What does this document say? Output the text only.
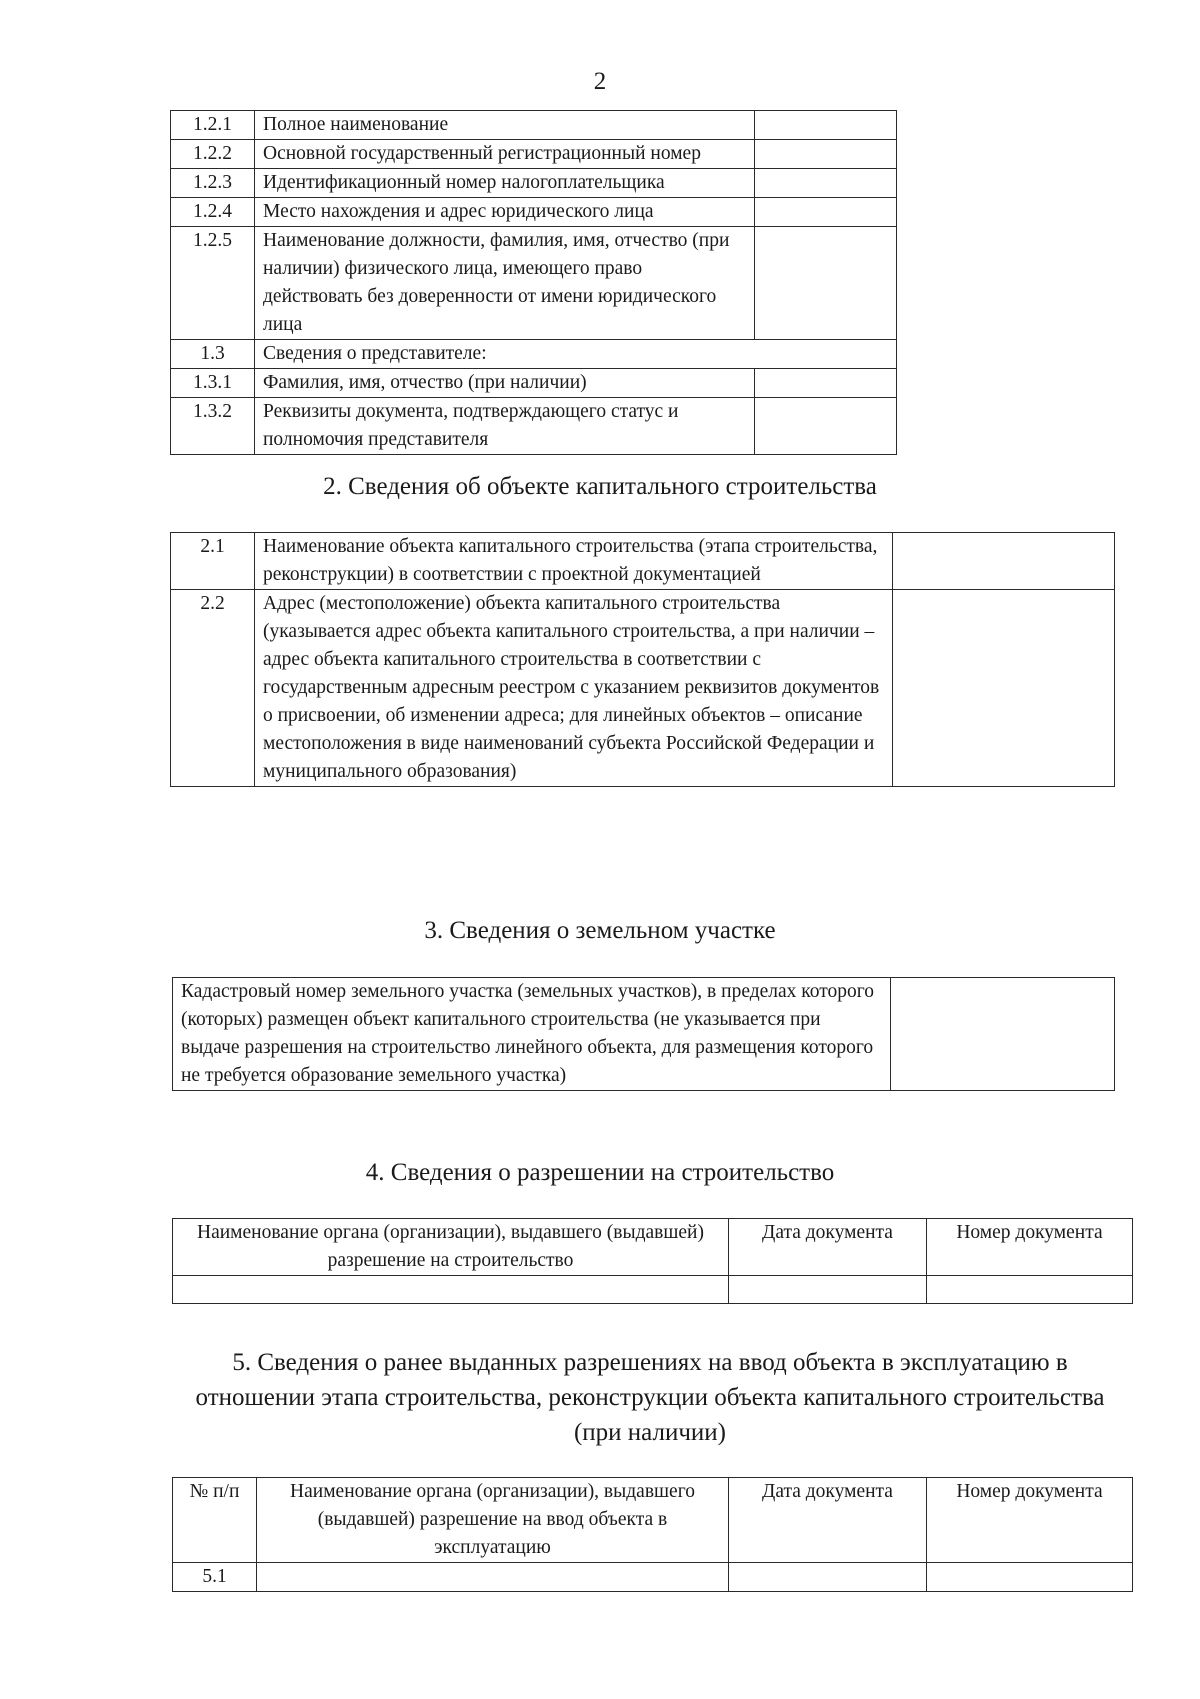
2
1.2.1	Полное наименование	
1.2.2	Основной государственный регистрационный номер	
1.2.3	Идентификационный номер налогоплательщика	
1.2.4	Место нахождения и адрес юридического лица	
1.2.5	Наименование должности, фамилия, имя, отчество (при наличии) физического лица, имеющего право действовать без доверенности от имени юридического лица	
1.3	Сведения о представителе:	
1.3.1	Фамилия, имя, отчество (при наличии)	
1.3.2	Реквизиты документа, подтверждающего статус и полномочия представителя	
2. Сведения об объекте капитального строительства
2.1	Наименование объекта капитального строительства (этапа строительства, реконструкции) в соответствии с проектной документацией	
2.2	Адрес (местоположение) объекта капитального строительства (указывается адрес объекта капитального строительства, а при наличии – адрес объекта капитального строительства в соответствии с государственным адресным реестром с указанием реквизитов документов о присвоении, об изменении адреса; для линейных объектов – описание местоположения в виде наименований субъекта Российской Федерации и муниципального образования)	
3. Сведения о земельном участке
Кадастровый номер земельного участка (земельных участков), в пределах которого (которых) размещен объект капитального строительства (не указывается при выдаче разрешения на строительство линейного объекта, для размещения которого не требуется образование земельного участка)	
4. Сведения о разрешении на строительство
Наименование органа (организации), выдавшего (выдавшей) разрешение на строительство	Дата документа	Номер документа

5. Сведения о ранее выданных разрешениях на ввод объекта в эксплуатацию в отношении этапа строительства, реконструкции объекта капитального строительства (при наличии)
№ п/п	Наименование органа (организации), выдавшего (выдавшей) разрешение на ввод объекта в эксплуатацию	Дата документа	Номер документа
5.1			
